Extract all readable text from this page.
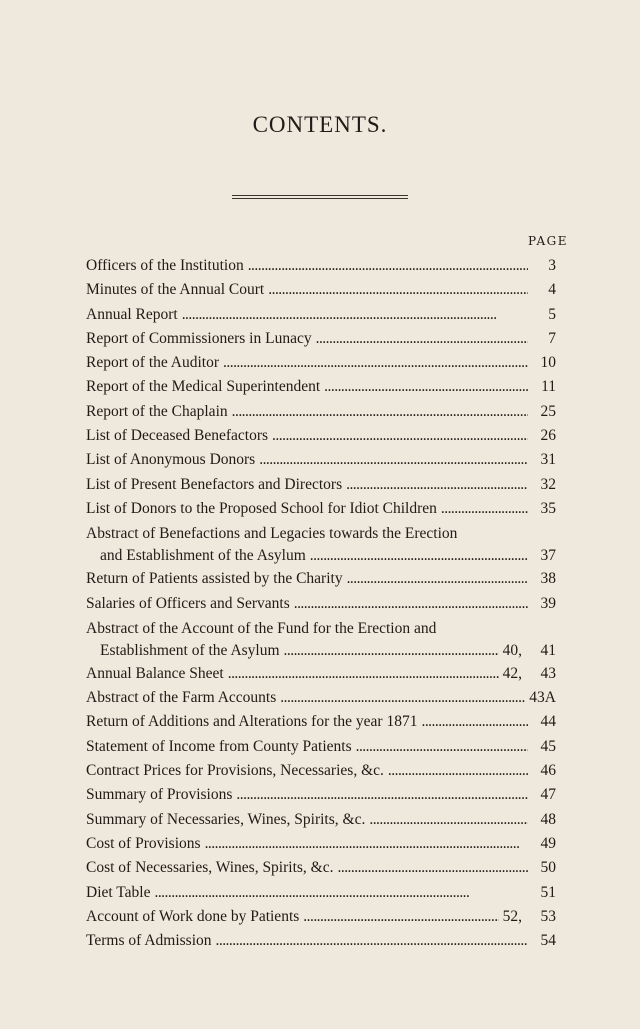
CONTENTS.
PAGE
Officers of the Institution . . .	3
Minutes of the Annual Court . . .	4
Annual Report . . .	5
Report of Commissioners in Lunacy . . .	7
Report of the Auditor . . .	10
Report of the Medical Superintendent . . .	11
Report of the Chaplain . . .	25
List of Deceased Benefactors . . .	26
List of Anonymous Donors . . .	31
List of Present Benefactors and Directors . . .	32
List of Donors to the Proposed School for Idiot Children . . .	35
Abstract of Benefactions and Legacies towards the Erection
and Establishment of the Asylum . . .	37
Return of Patients assisted by the Charity . . .	38
Salaries of Officers and Servants . . .	39
Abstract of the Account of the Fund for the Erection and
Establishment of the Asylum . . .	40,	41
Annual Balance Sheet . . .	42,	43
Abstract of the Farm Accounts . . .	43A
Return of Additions and Alterations for the year 1871 . . .	44
Statement of Income from County Patients . . .	45
Contract Prices for Provisions, Necessaries, &c. . . .	46
Summary of Provisions . . .	47
Summary of Necessaries, Wines, Spirits, &c. . . .	48
Cost of Provisions . . .	49
Cost of Necessaries, Wines, Spirits, &c. . . .	50
Diet Table . . .	51
Account of Work done by Patients . . .	52,	53
Terms of Admission . . .	54
